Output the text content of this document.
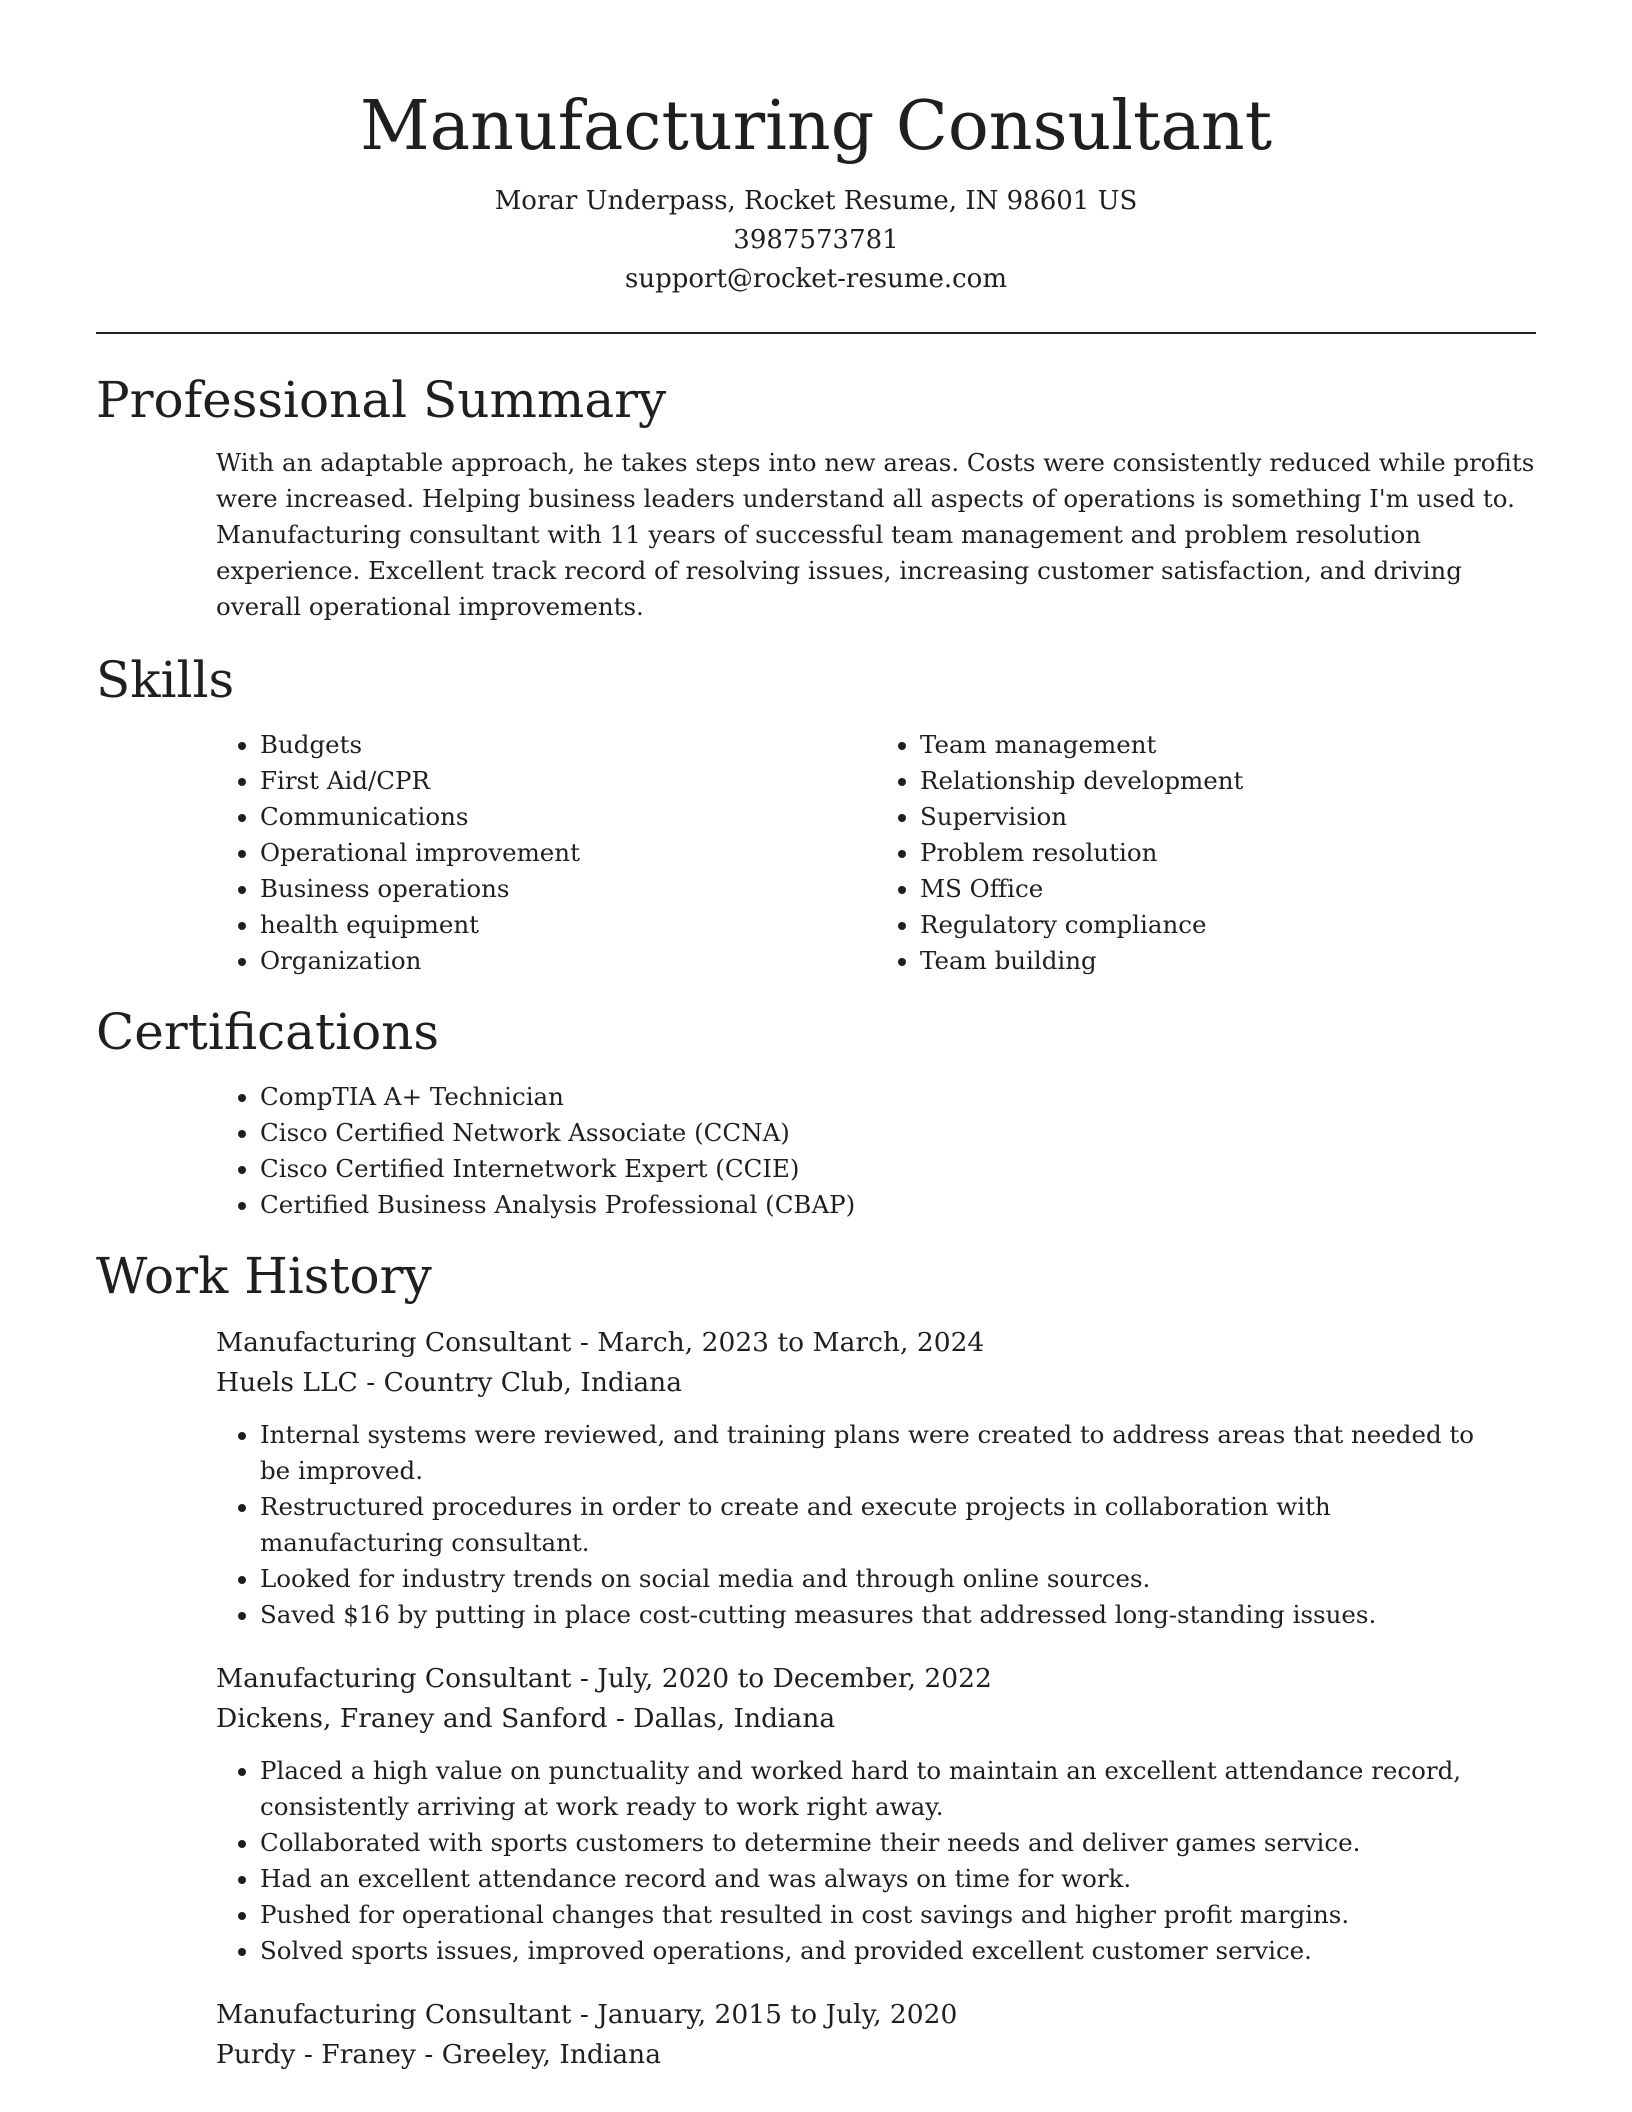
Manufacturing Consultant
Morar Underpass, Rocket Resume, IN 98601 US
3987573781
support@rocket-resume.com
Professional Summary
With an adaptable approach, he takes steps into new areas. Costs were consistently reduced while profits were increased. Helping business leaders understand all aspects of operations is something I'm used to. Manufacturing consultant with 11 years of successful team management and problem resolution experience. Excellent track record of resolving issues, increasing customer satisfaction, and driving overall operational improvements.
Skills
• Budgets
• First Aid/CPR
• Communications
• Operational improvement
• Business operations
• health equipment
• Organization
• Team management
• Relationship development
• Supervision
• Problem resolution
• MS Office
• Regulatory compliance
• Team building
Certifications
• CompTIA A+ Technician
• Cisco Certified Network Associate (CCNA)
• Cisco Certified Internetwork Expert (CCIE)
• Certified Business Analysis Professional (CBAP)
Work History
Manufacturing Consultant - March, 2023 to March, 2024
Huels LLC - Country Club, Indiana
• Internal systems were reviewed, and training plans were created to address areas that needed to be improved.
• Restructured procedures in order to create and execute projects in collaboration with manufacturing consultant.
• Looked for industry trends on social media and through online sources.
• Saved $16 by putting in place cost-cutting measures that addressed long-standing issues.
Manufacturing Consultant - July, 2020 to December, 2022
Dickens, Franey and Sanford - Dallas, Indiana
• Placed a high value on punctuality and worked hard to maintain an excellent attendance record, consistently arriving at work ready to work right away.
• Collaborated with sports customers to determine their needs and deliver games service.
• Had an excellent attendance record and was always on time for work.
• Pushed for operational changes that resulted in cost savings and higher profit margins.
• Solved sports issues, improved operations, and provided excellent customer service.
Manufacturing Consultant - January, 2015 to July, 2020
Purdy - Franey - Greeley, Indiana
